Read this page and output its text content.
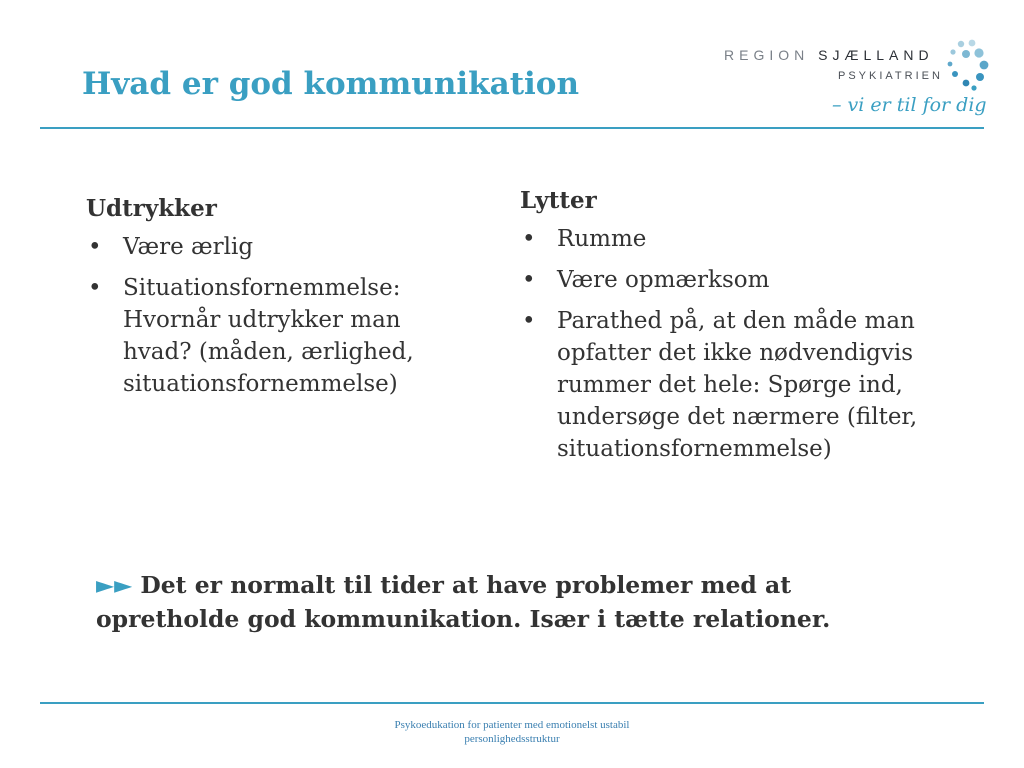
Hvad er god kommunikation
REGION SJÆLLAND
PSYKIATRIEN
– vi er til for dig
Udtrykker
• Være ærlig
• Situationsfornemmelse: Hvornår udtrykker man hvad? (måden, ærlighed, situationsfornemmelse)
Lytter
• Rumme
• Være opmærksom
• Parathed på, at den måde man opfatter det ikke nødvendigvis rummer det hele: Spørge ind, undersøge det nærmere (filter, situationsfornemmelse)
►► Det er normalt til tider at have problemer med at opretholde god kommunikation. Især i tætte relationer.
Psykoedukation for patienter med emotionelst ustabil
personlighedsstruktur
